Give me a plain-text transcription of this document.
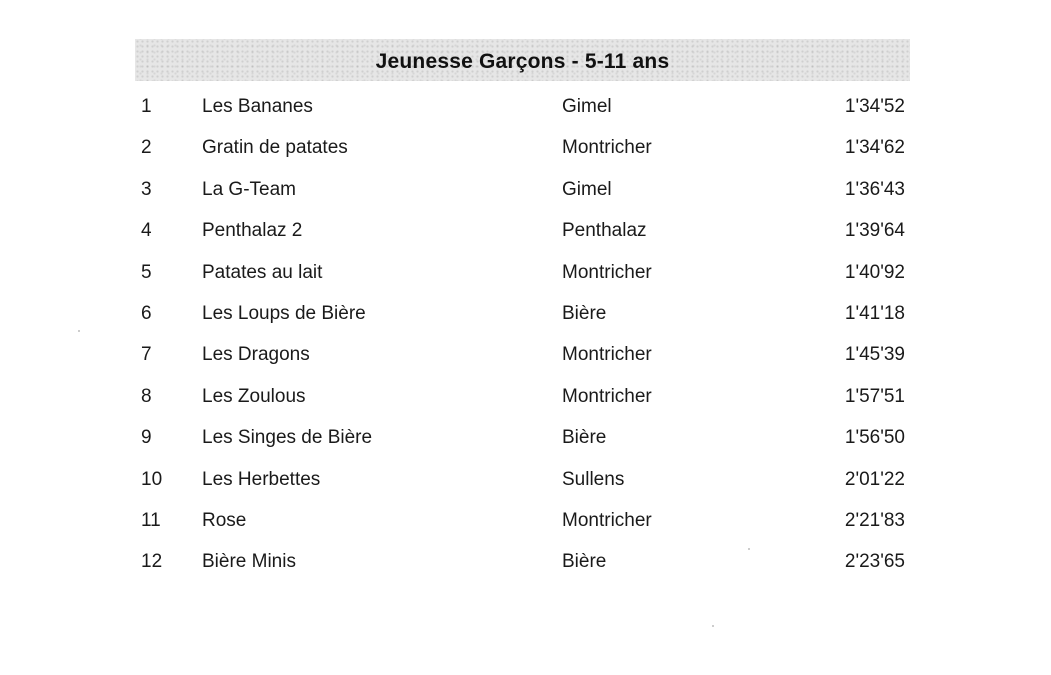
Jeunesse Garçons - 5-11 ans
1	Les Bananes	Gimel	1'34'52
2	Gratin de patates	Montricher	1'34'62
3	La G-Team	Gimel	1'36'43
4	Penthalaz 2	Penthalaz	1'39'64
5	Patates au lait	Montricher	1'40'92
6	Les Loups de Bière	Bière	1'41'18
7	Les Dragons	Montricher	1'45'39
8	Les Zoulous	Montricher	1'57'51
9	Les Singes de Bière	Bière	1'56'50
10 Les Herbettes	Sullens	2'01'22
11 Rose	Montricher	2'21'83
12 Bière Minis	Bière	2'23'65
